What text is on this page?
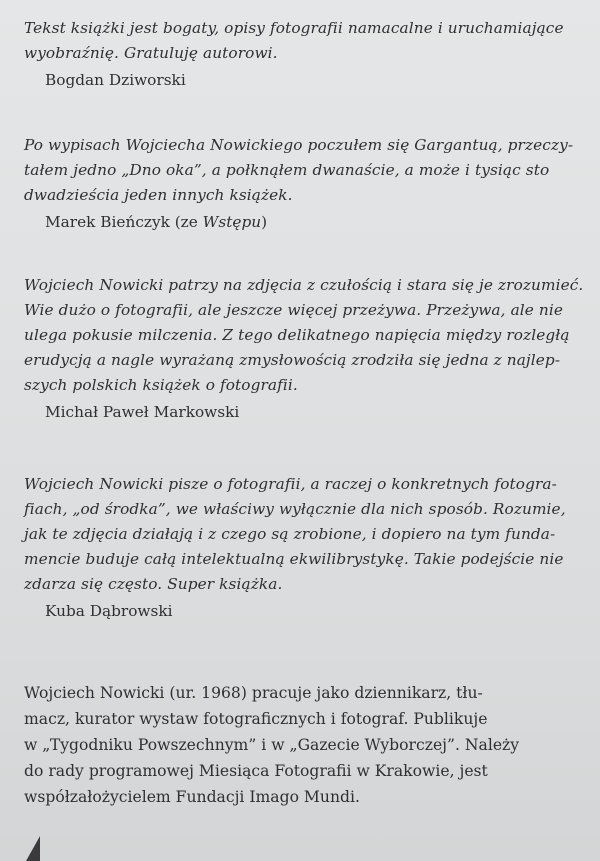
Tekst książki jest bogaty, opisy fotografii namacalne i uruchamiające
wyobraźnię. Gratuluję autorowi.
Bogdan Dziworski
Po wypisach Wojciecha Nowickiego poczułem się Gargantuą, przeczy-
tałem jedno „Dno oka”, a połknąłem dwanaście, a może i tysiąc sto
dwadzieścia jeden innych książek.
Marek Bieńczyk (ze Wstępu)
Wojciech Nowicki patrzy na zdjęcia z czułością i stara się je zrozumieć.
Wie dużo o fotografii, ale jeszcze więcej przeżywa. Przeżywa, ale nie
ulega pokusie milczenia. Z tego delikatnego napięcia między rozległą
erudycją a nagle wyrażaną zmysłowością zrodziła się jedna z najlep-
szych polskich książek o fotografii.
Michał Paweł Markowski
Wojciech Nowicki pisze o fotografii, a raczej o konkretnych fotogra-
fiach, „od środka”, we właściwy wyłącznie dla nich sposób. Rozumie,
jak te zdjęcia działają i z czego są zrobione, i dopiero na tym funda-
mencie buduje całą intelektualną ekwilibrystykę. Takie podejście nie
zdarza się często. Super książka.
Kuba Dąbrowski
Wojciech Nowicki (ur. 1968) pracuje jako dziennikarz, tłu-
macz, kurator wystaw fotograficznych i fotograf. Publikuje
w „Tygodniku Powszechnym” i w „Gazecie Wyborczej”. Należy
do rady programowej Miesiąca Fotografii w Krakowie, jest
współzałożycielem Fundacji Imago Mundi.
